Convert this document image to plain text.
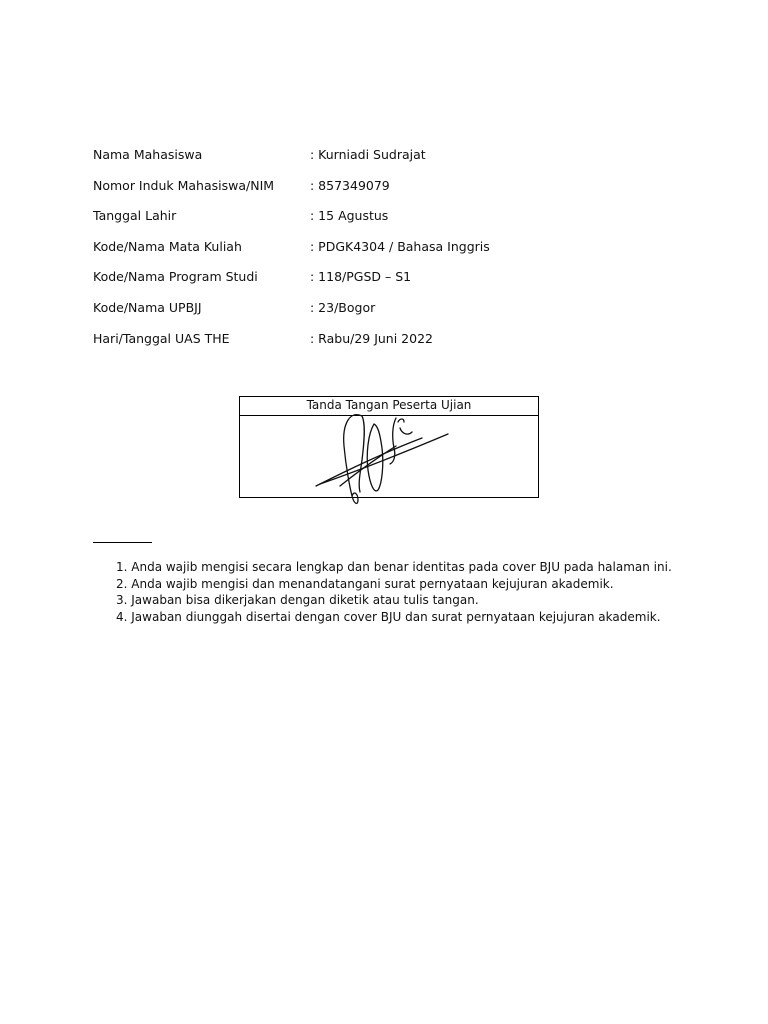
Nama Mahasiswa	: Kurniadi Sudrajat
Nomor Induk Mahasiswa/NIM	: 857349079
Tanggal Lahir	: 15 Agustus
Kode/Nama Mata Kuliah	: PDGK4304 / Bahasa Inggris
Kode/Nama Program Studi	: 118/PGSD – S1
Kode/Nama UPBJJ	: 23/Bogor
Hari/Tanggal UAS THE	: Rabu/29 Juni 2022
Tanda Tangan Peserta Ujian
1. Anda wajib mengisi secara lengkap dan benar identitas pada cover BJU pada halaman ini.
2. Anda wajib mengisi dan menandatangani surat pernyataan kejujuran akademik.
3. Jawaban bisa dikerjakan dengan diketik atau tulis tangan.
4. Jawaban diunggah disertai dengan cover BJU dan surat pernyataan kejujuran akademik.
